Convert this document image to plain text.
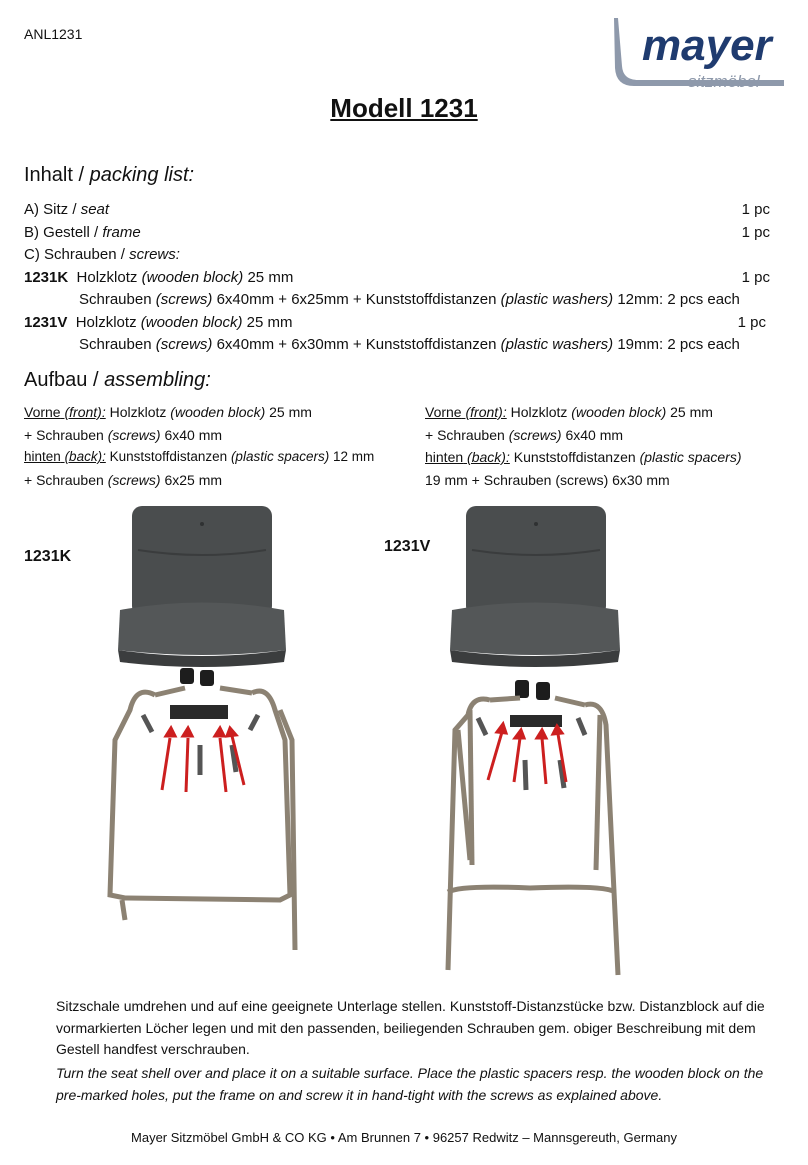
ANL1231	mayer
sitzmöbel
Modell 1231
Inhalt / packing list:
A) Sitz / seat	1 pc
B) Gestell / frame	1 pc
C) Schrauben / screws:
1231K Holzklotz (wooden block) 25 mm	1 pc
Schrauben (screws) 6x40mm + 6x25mm + Kunststoffdistanzen (plastic washers) 12mm: 2 pcs each
1231V Holzklotz (wooden block) 25 mm	1 pc
Schrauben (screws) 6x40mm + 6x30mm + Kunststoffdistanzen (plastic washers) 19mm: 2 pcs each
Aufbau / assembling:
Vorne (front): Holzklotz (wooden block) 25 mm
+ Schrauben (screws) 6x40 mm
hinten (back): Kunststoffdistanzen (plastic spacers) 12 mm
+ Schrauben (screws) 6x25 mm
Vorne (front): Holzklotz (wooden block) 25 mm
+ Schrauben (screws) 6x40 mm
hinten (back): Kunststoffdistanzen (plastic spacers)
19 mm + Schrauben (screws) 6x30 mm
1231K
1231V
Sitzschale umdrehen und auf eine geeignete Unterlage stellen. Kunststoff-Distanzstücke bzw. Distanzblock auf die vormarkierten Löcher legen und mit den passenden, beiliegenden Schrauben gem. obiger Beschreibung mit dem Gestell handfest verschrauben.
Turn the seat shell over and place it on a suitable surface. Place the plastic spacers resp. the wooden block on the pre-marked holes, put the frame on and screw it in hand-tight with the screws as explained above.
Mayer Sitzmöbel GmbH & CO KG • Am Brunnen 7 • 96257 Redwitz – Mannsgereuth, Germany
